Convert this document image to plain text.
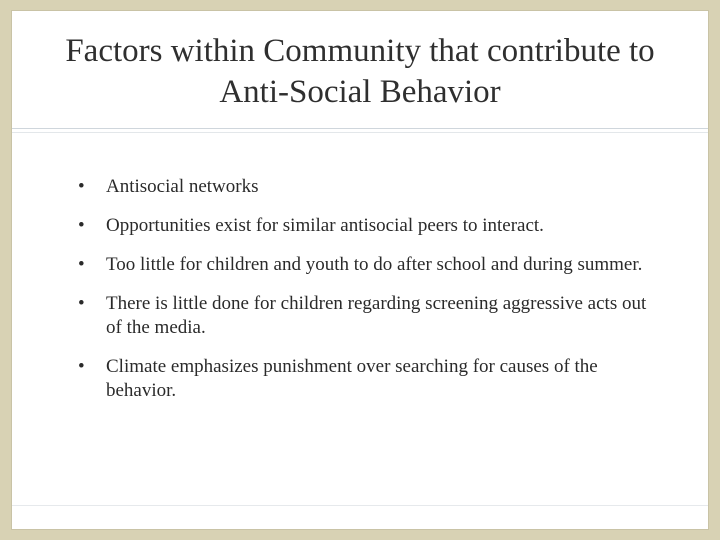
Factors within Community that contribute to Anti-Social Behavior
•	Antisocial networks
•	Opportunities exist for similar antisocial peers to interact.
•	Too little for children and youth to do after school and during summer.
•	There is little done for children regarding screening aggressive acts out of the media.
•	Climate emphasizes punishment over searching for causes of the behavior.
